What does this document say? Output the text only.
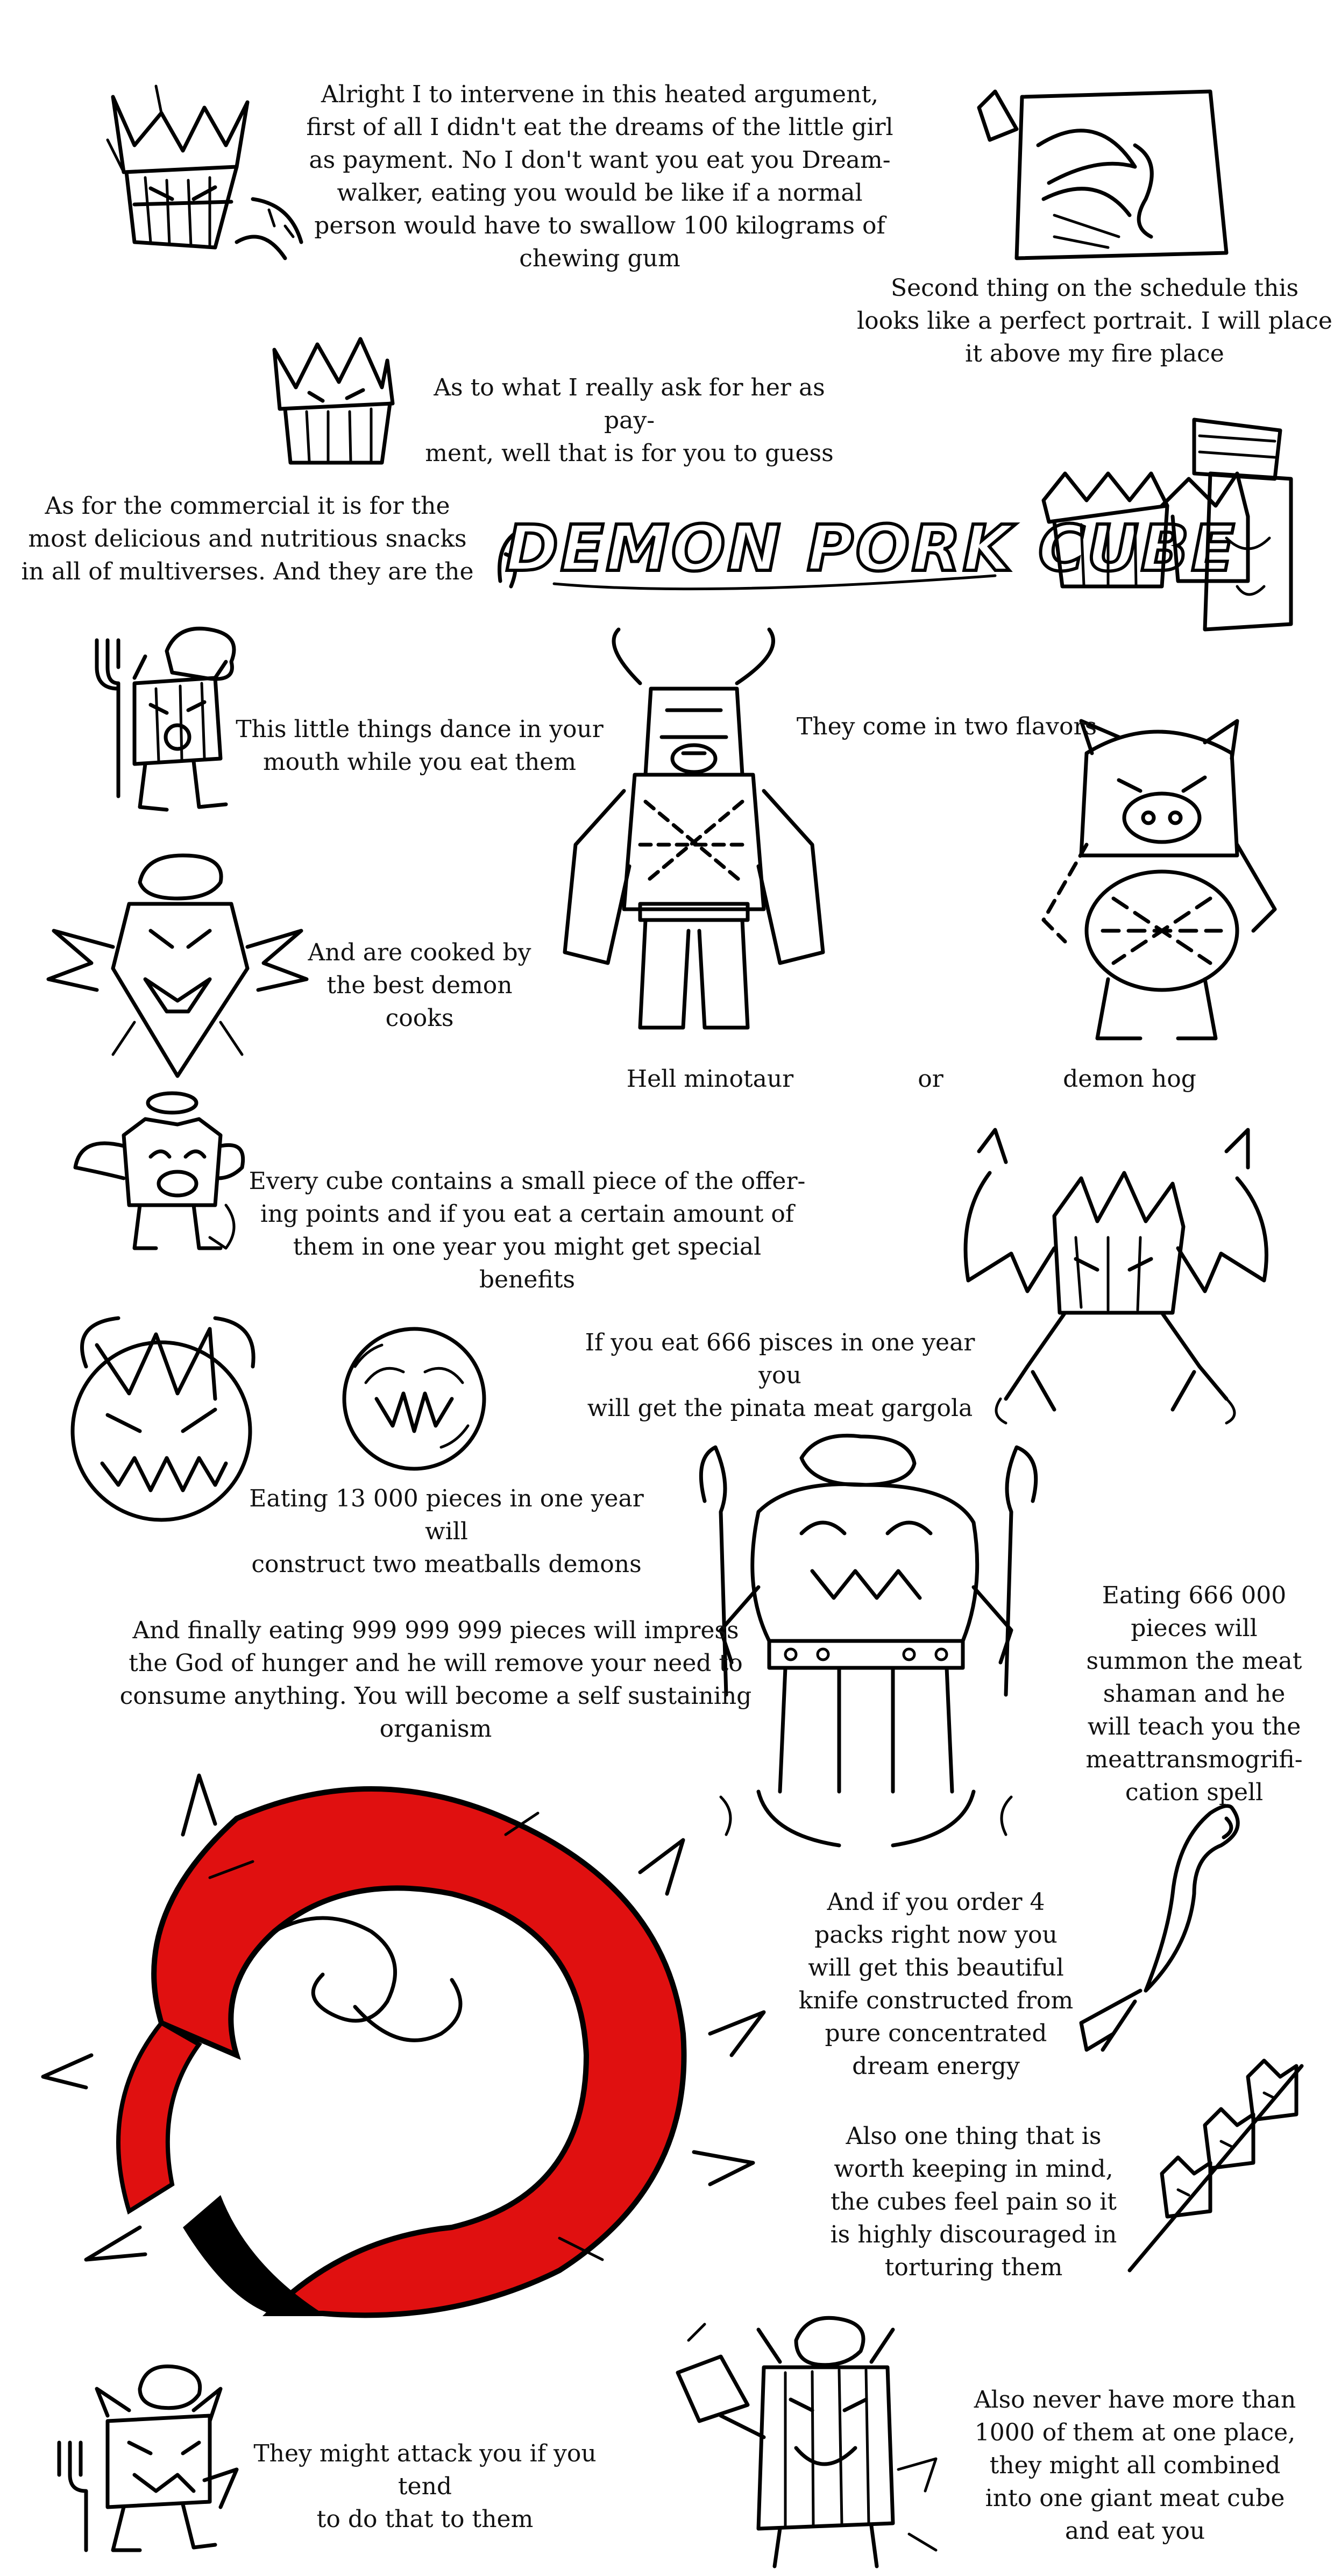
DEMON PORK CUBE
Alright I to intervene in this heated argument,
first of all I didn't eat the dreams of the little girl
as payment. No I don't want you eat you Dream-
walker, eating you would be like if a normal
person would have to swallow 100 kilograms of
chewing gum
Second thing on the schedule this
looks like a perfect portrait. I will place
it above my fire place
As to what I really ask for her as pay-
ment, well that is for you to guess
As for the commercial it is for the
most delicious and nutritious snacks
in all of multiverses. And they are the
This little things dance in your
mouth while you eat them
They come in two flavors
And are cooked by
the best demon
cooks
Hell minotaur	or	demon hog
Every cube contains a small piece of the offer-
ing points and if you eat a certain amount of
them in one year you might get special benefits
If you eat 666 pisces in one year you
will get the pinata meat gargola
Eating 13 000 pieces in one year will
construct two meatballs demons
And finally eating 999 999 999 pieces will impress
the God of hunger and he will remove your need to
consume anything. You will become a self sustaining
organism
Eating 666 000
pieces will
summon the meat
shaman and he
will teach you the
meattransmogrifi-
cation spell
And if you order 4
packs right now you
will get this beautiful
knife constructed from
pure concentrated
dream energy
Also one thing that is
worth keeping in mind,
the cubes feel pain so it
is highly discouraged in
torturing them
They might attack you if you tend
to do that to them
Also never have more than
1000 of them at one place,
they might all combined
into one giant meat cube
and eat you
